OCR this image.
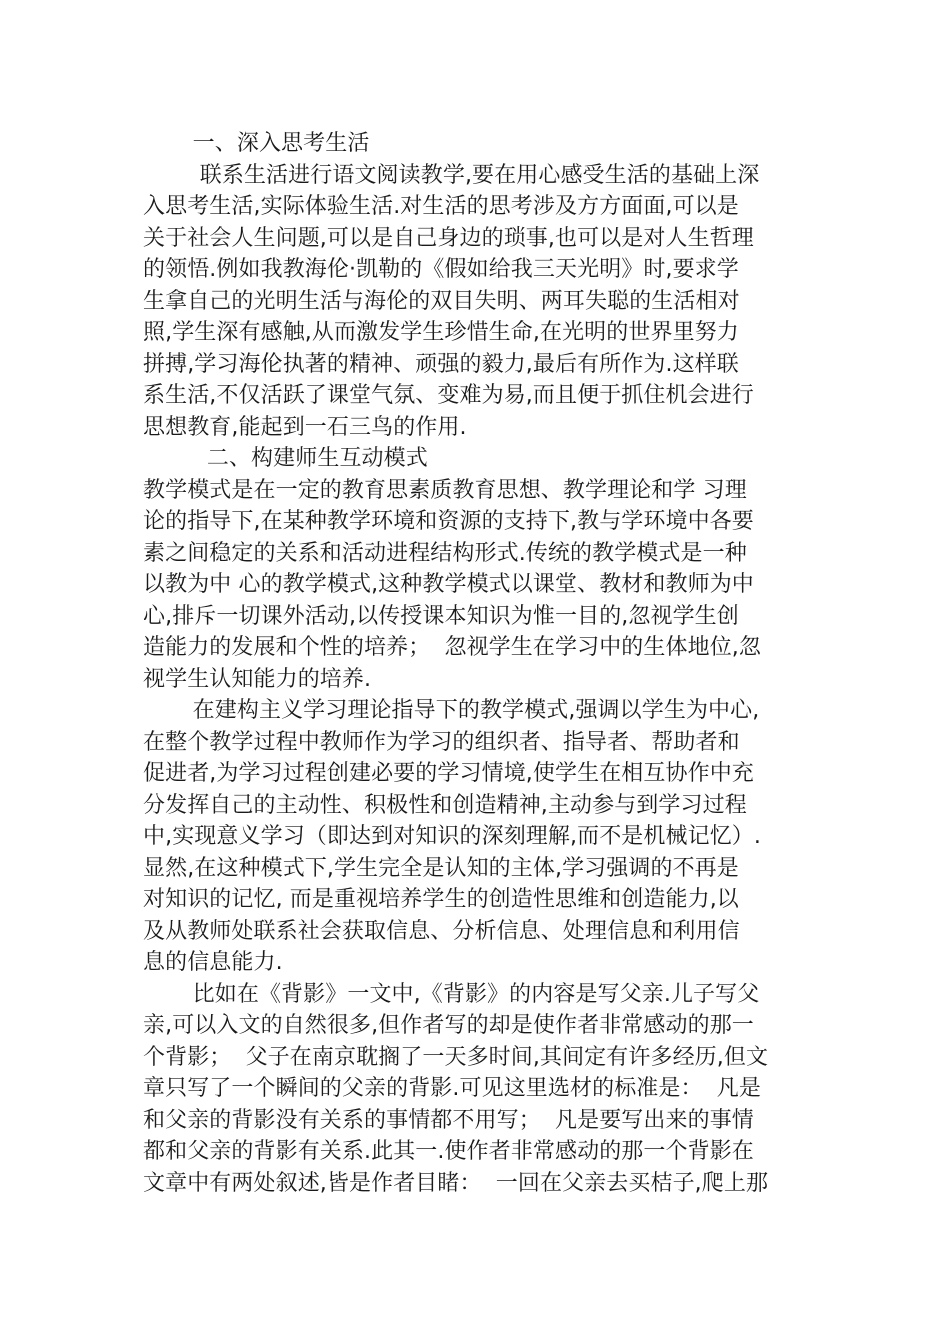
一、深入思考生活
联系生活进行语文阅读教学,要在用心感受生活的基础上深
入思考生活,实际体验生活.对生活的思考涉及方方面面,可以是
关于社会人生问题,可以是自己身边的琐事,也可以是对人生哲理
的领悟.例如我教海伦·凯勒的《假如给我三天光明》时,要求学
生拿自己的光明生活与海伦的双目失明、两耳失聪的生活相对
照,学生深有感触,从而激发学生珍惜生命,在光明的世界里努力
拼搏,学习海伦执著的精神、顽强的毅力,最后有所作为.这样联
系生活,不仅活跃了课堂气氛、变难为易,而且便于抓住机会进行
思想教育,能起到一石三鸟的作用.
二、构建师生互动模式
教学模式是在一定的教育思素质教育思想、教学理论和学 习理
论的指导下,在某种教学环境和资源的支持下,教与学环境中各要
素之间稳定的关系和活动进程结构形式.传统的教学模式是一种
以教为中 心的教学模式,这种教学模式以课堂、教材和教师为中
心,排斥一切课外活动,以传授课本知识为惟一目的,忽视学生创
造能力的发展和个性的培养；  忽视学生在学习中的生体地位,忽
视学生认知能力的培养.
在建构主义学习理论指导下的教学模式,强调以学生为中心,
在整个教学过程中教师作为学习的组织者、指导者、帮助者和
促进者,为学习过程创建必要的学习情境,使学生在相互协作中充
分发挥自己的主动性、积极性和创造精神,主动参与到学习过程
中,实现意义学习（即达到对知识的深刻理解,而不是机械记忆）.
显然,在这种模式下,学生完全是认知的主体,学习强调的不再是
对知识的记忆, 而是重视培养学生的创造性思维和创造能力,以
及从教师处联系社会获取信息、分析信息、处理信息和利用信
息的信息能力.
比如在《背影》一文中,《背影》的内容是写父亲.儿子写父
亲,可以入文的自然很多,但作者写的却是使作者非常感动的那一
个背影；  父子在南京耽搁了一天多时间,其间定有许多经历,但文
章只写了一个瞬间的父亲的背影.可见这里选材的标准是：  凡是
和父亲的背影没有关系的事情都不用写；  凡是要写出来的事情
都和父亲的背影有关系.此其一.使作者非常感动的那一个背影在
文章中有两处叙述,皆是作者目睹：  一回在父亲去买桔子,爬上那
